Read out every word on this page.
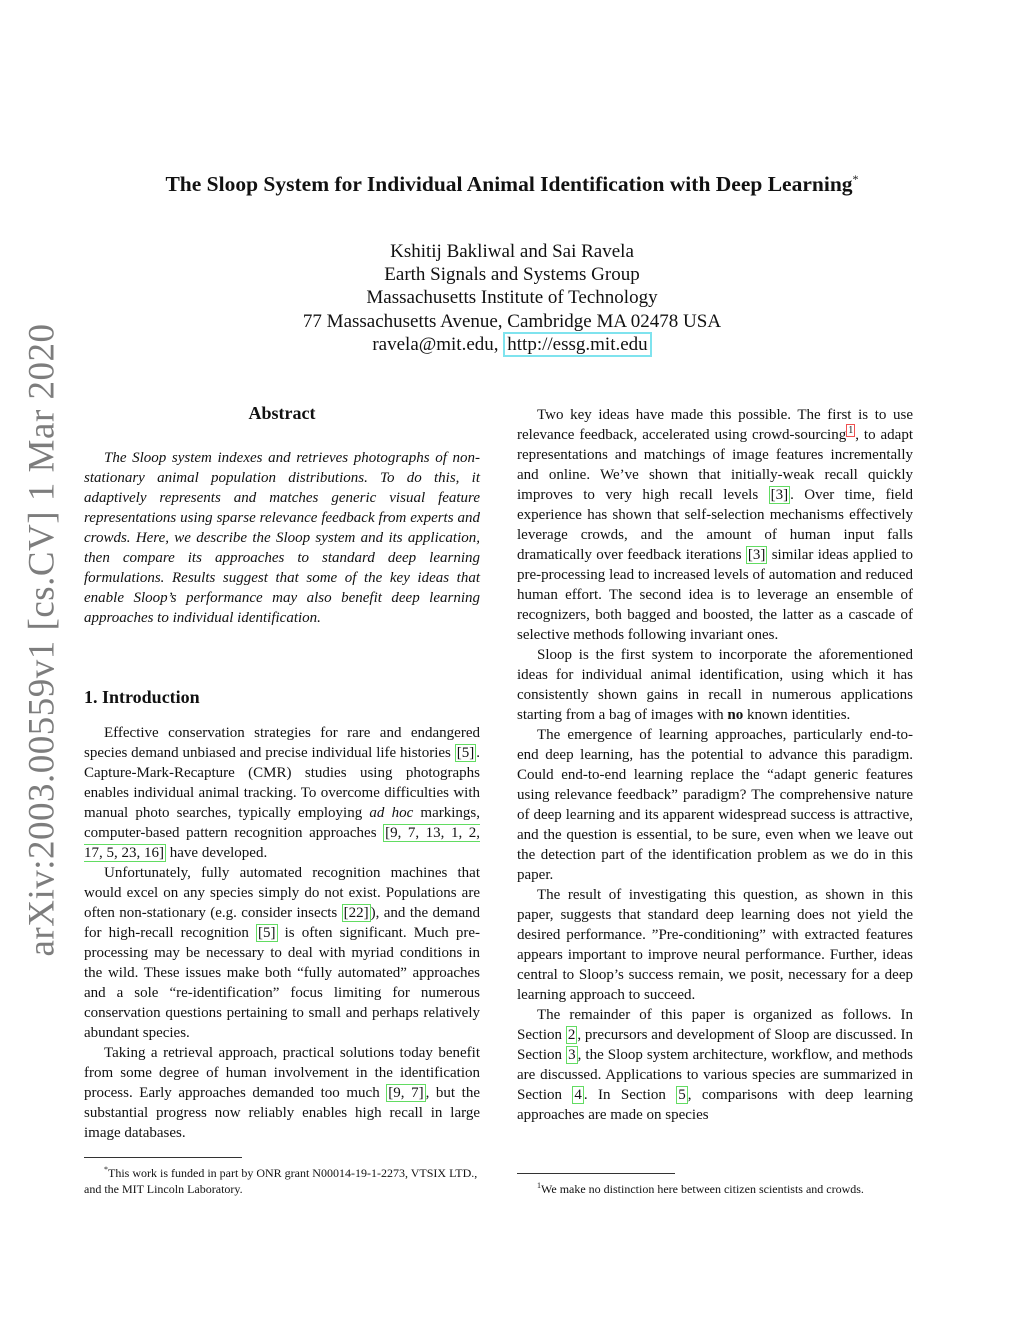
arXiv:2003.00559v1 [cs.CV] 1 Mar 2020
The Sloop System for Individual Animal Identification with Deep Learning*
Kshitij Bakliwal and Sai Ravela
Earth Signals and Systems Group
Massachusetts Institute of Technology
77 Massachusetts Avenue, Cambridge MA 02478 USA
ravela@mit.edu, http://essg.mit.edu
Abstract

The Sloop system indexes and retrieves photographs of non-stationary animal population distributions. To do this, it adaptively represents and matches generic visual feature representations using sparse relevance feedback from experts and crowds. Here, we describe the Sloop system and its application, then compare its approaches to standard deep learning formulations. Results suggest that some of the key ideas that enable Sloop’s performance may also benefit deep learning approaches to individual identification.

1. Introduction

Effective conservation strategies for rare and endangered species demand unbiased and precise individual life histories [5] . Capture-Mark-Recapture (CMR) studies using photographs enables individual animal tracking. To overcome difficulties with manual photo searches, typically employing ad hoc markings, computer-based pattern recognition approaches [9, 7, 13, 1, 2, 17, 5, 23, 16] have developed.

Unfortunately, fully automated recognition machines that would excel on any species simply do not exist. Populations are often non-stationary (e.g. consider insects [22] ), and the demand for high-recall recognition [5] is often significant. Much pre-processing may be necessary to deal with myriad conditions in the wild. These issues make both “fully automated” approaches and a sole “re-identification” focus limiting for numerous conservation questions pertaining to small and perhaps relatively abundant species.

Taking a retrieval approach, practical solutions today benefit from some degree of human involvement in the identification process. Early approaches demanded too much [9, 7] , but the substantial progress now reliably enables high recall in large image databases.

Two key ideas have made this possible. The first is to use relevance feedback, accelerated using crowd-sourcing $^1$ , to adapt representations and matchings of image features incrementally and online. We’ve shown that initially-weak recall quickly improves to very high recall levels [3] . Over time, field experience has shown that self-selection mechanisms effectively leverage crowds, and the amount of human input falls dramatically over feedback iterations [3] similar ideas applied to pre-processing lead to increased levels of automation and reduced human effort. The second idea is to leverage an ensemble of recognizers, both bagged and boosted, the latter as a cascade of selective methods following invariant ones.

Sloop is the first system to incorporate the aforementioned ideas for individual animal identification, using which it has consistently shown gains in recall in numerous applications starting from a bag of images with no known identities.

The emergence of learning approaches, particularly end-to-end deep learning, has the potential to advance this paradigm. Could end-to-end learning replace the “adapt generic features using relevance feedback” paradigm? The comprehensive nature of deep learning and its apparent widespread success is attractive, and the question is essential, to be sure, even when we leave out the detection part of the identification problem as we do in this paper.

The result of investigating this question, as shown in this paper, suggests that standard deep learning does not yield the desired performance. ”Pre-conditioning” with extracted features appears important to improve neural performance. Further, ideas central to Sloop’s success remain, we posit, necessary for a deep learning approach to succeed.

The remainder of this paper is organized as follows. In Section 2 , precursors and development of Sloop are discussed. In Section 3 , the Sloop system architecture, workflow, and methods are discussed. Applications to various species are summarized in Section 4 . In Section 5 , comparisons with deep learning approaches are made on species

*This work is funded in part by ONR grant N00014-19-1-2273, VTSIX LTD., and the MIT Lincoln Laboratory.	$^1$We make no distinction here between citizen scientists and crowds.
